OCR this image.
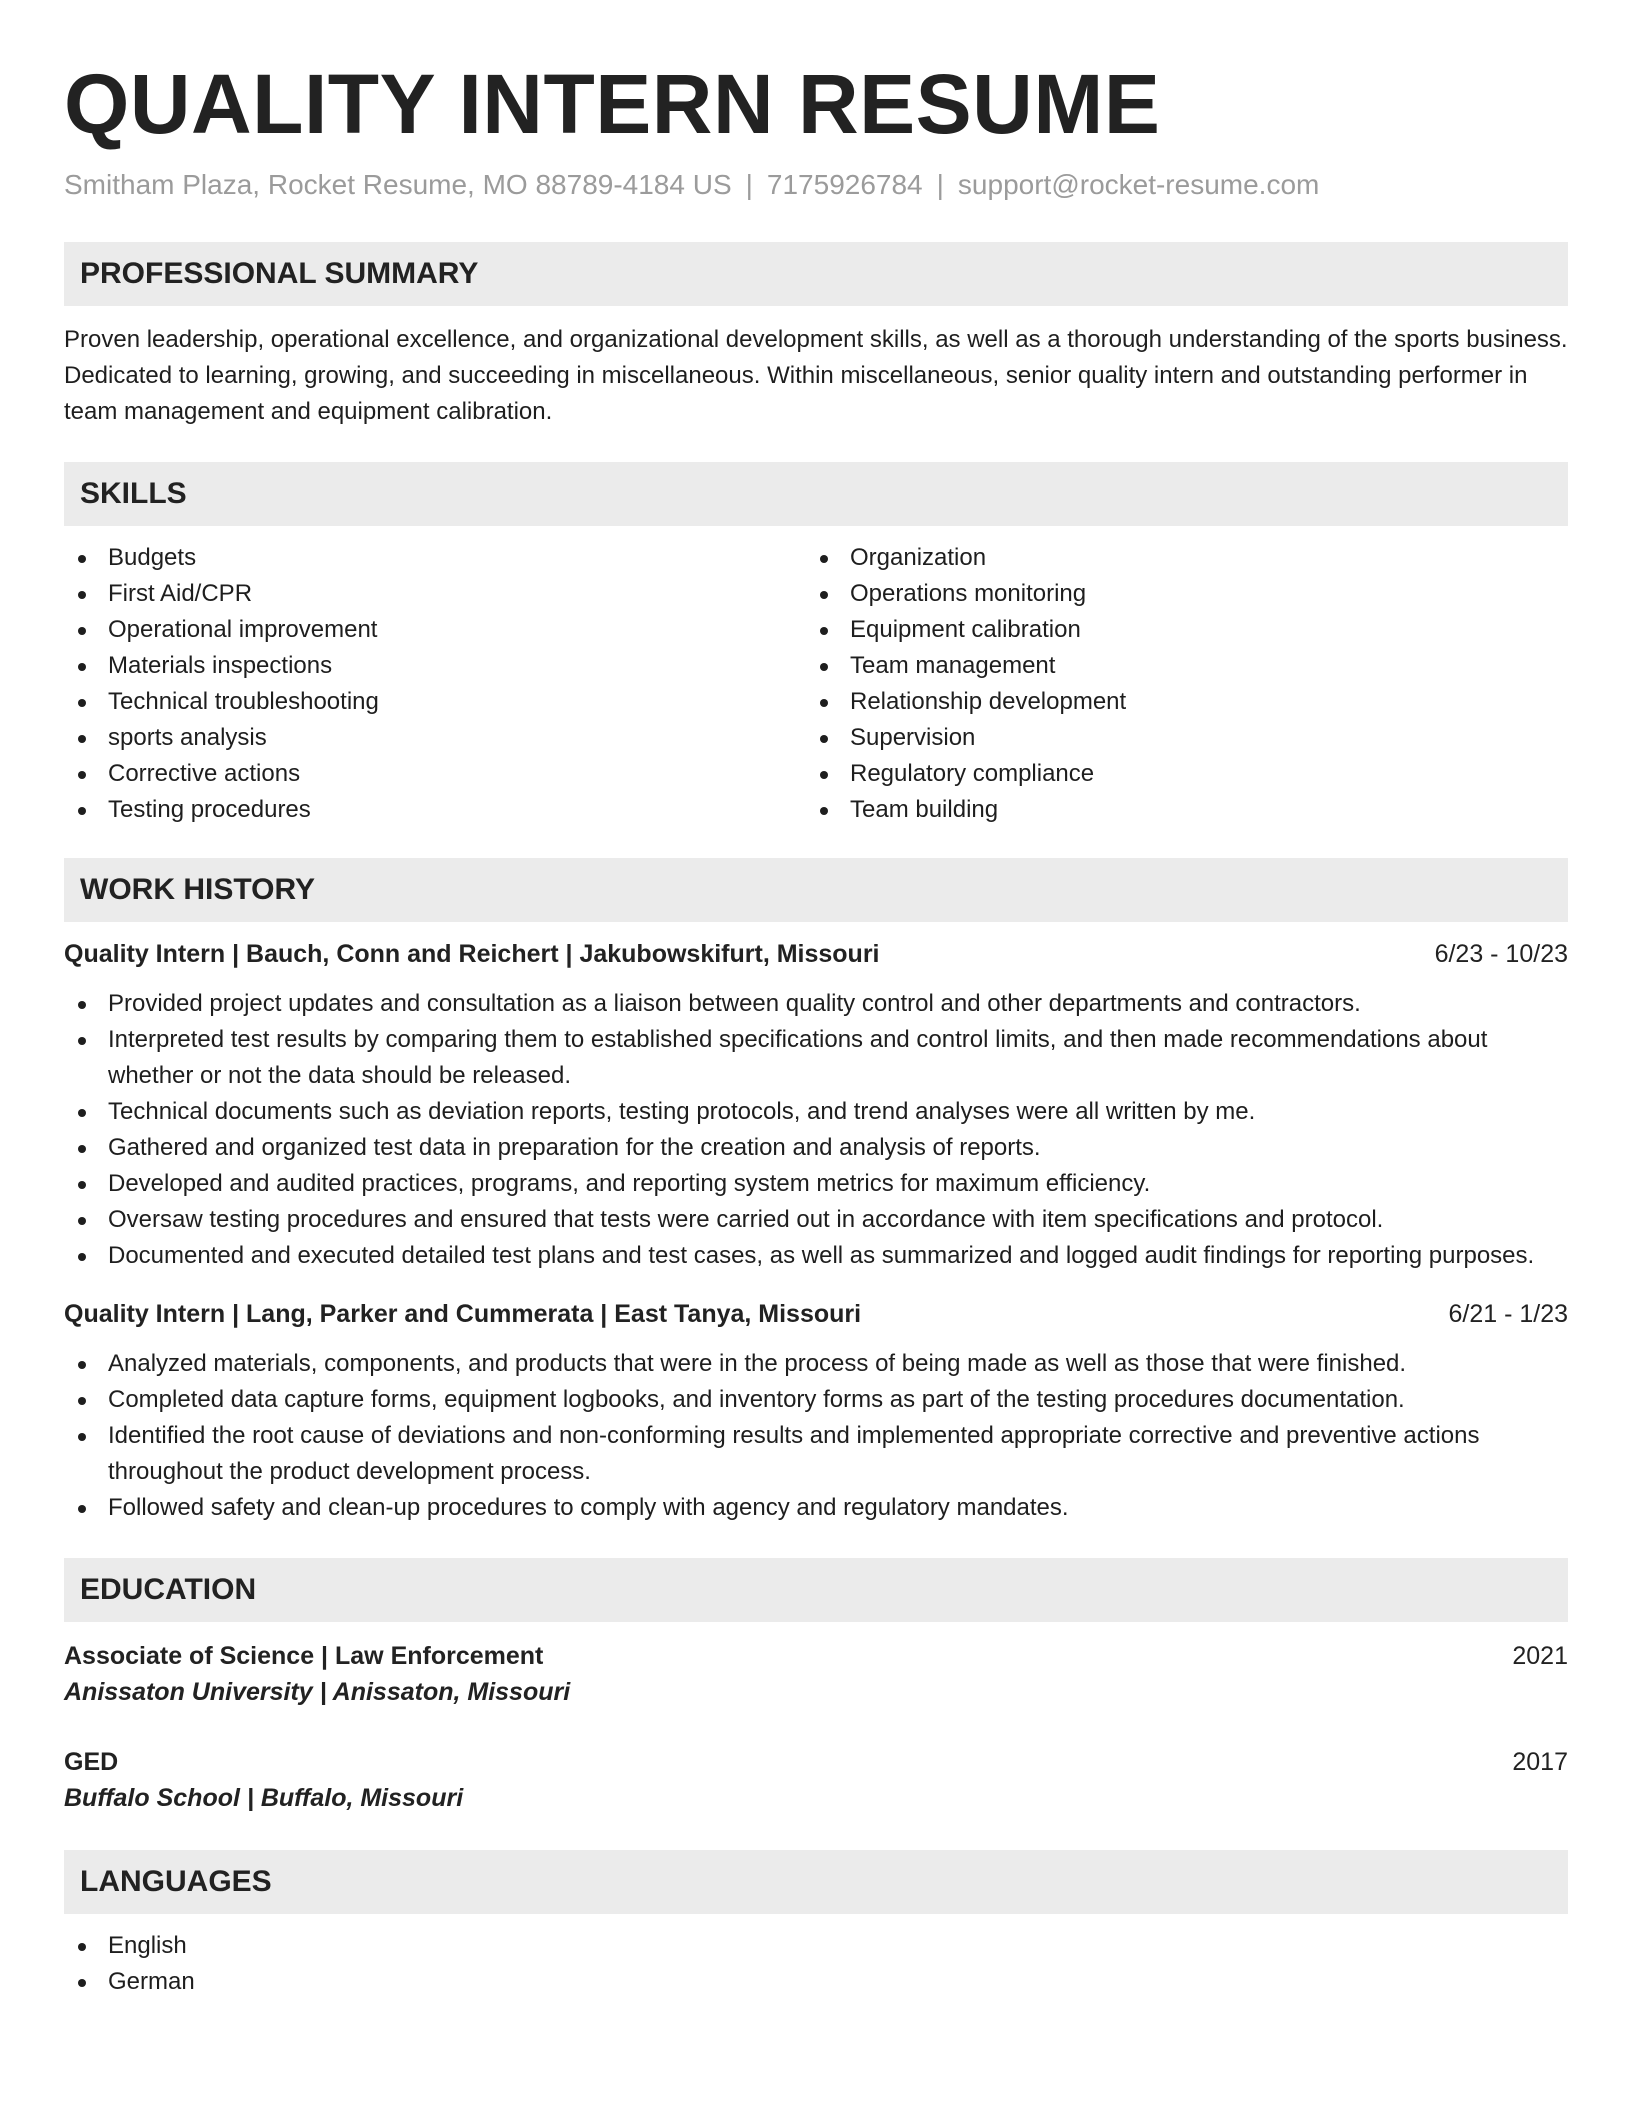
QUALITY INTERN RESUME
Smitham Plaza, Rocket Resume, MO 88789-4184 US | 7175926784 | support@rocket-resume.com
PROFESSIONAL SUMMARY

Proven leadership, operational excellence, and organizational development skills, as well as a thorough understanding of the sports business. Dedicated to learning, growing, and succeeding in miscellaneous. Within miscellaneous, senior quality intern and outstanding performer in team management and equipment calibration.

SKILLS
Budgets
First Aid/CPR
Operational improvement
Materials inspections
Technical troubleshooting
sports analysis
Corrective actions
Testing procedures
Organization
Operations monitoring
Equipment calibration
Team management
Relationship development
Supervision
Regulatory compliance
Team building
WORK HISTORY
Quality Intern | Bauch, Conn and Reichert | Jakubowskifurt, Missouri	6/23 - 10/23
Provided project updates and consultation as a liaison between quality control and other departments and contractors.
Interpreted test results by comparing them to established specifications and control limits, and then made recommendations about whether or not the data should be released.
Technical documents such as deviation reports, testing protocols, and trend analyses were all written by me.
Gathered and organized test data in preparation for the creation and analysis of reports.
Developed and audited practices, programs, and reporting system metrics for maximum efficiency.
Oversaw testing procedures and ensured that tests were carried out in accordance with item specifications and protocol.
Documented and executed detailed test plans and test cases, as well as summarized and logged audit findings for reporting purposes.
Quality Intern | Lang, Parker and Cummerata | East Tanya, Missouri	6/21 - 1/23
Analyzed materials, components, and products that were in the process of being made as well as those that were finished.
Completed data capture forms, equipment logbooks, and inventory forms as part of the testing procedures documentation.
Identified the root cause of deviations and non-conforming results and implemented appropriate corrective and preventive actions throughout the product development process.
Followed safety and clean-up procedures to comply with agency and regulatory mandates.
EDUCATION
Associate of Science | Law Enforcement	2021
Anissaton University | Anissaton, Missouri
GED	2017
Buffalo School | Buffalo, Missouri
LANGUAGES
English
German
